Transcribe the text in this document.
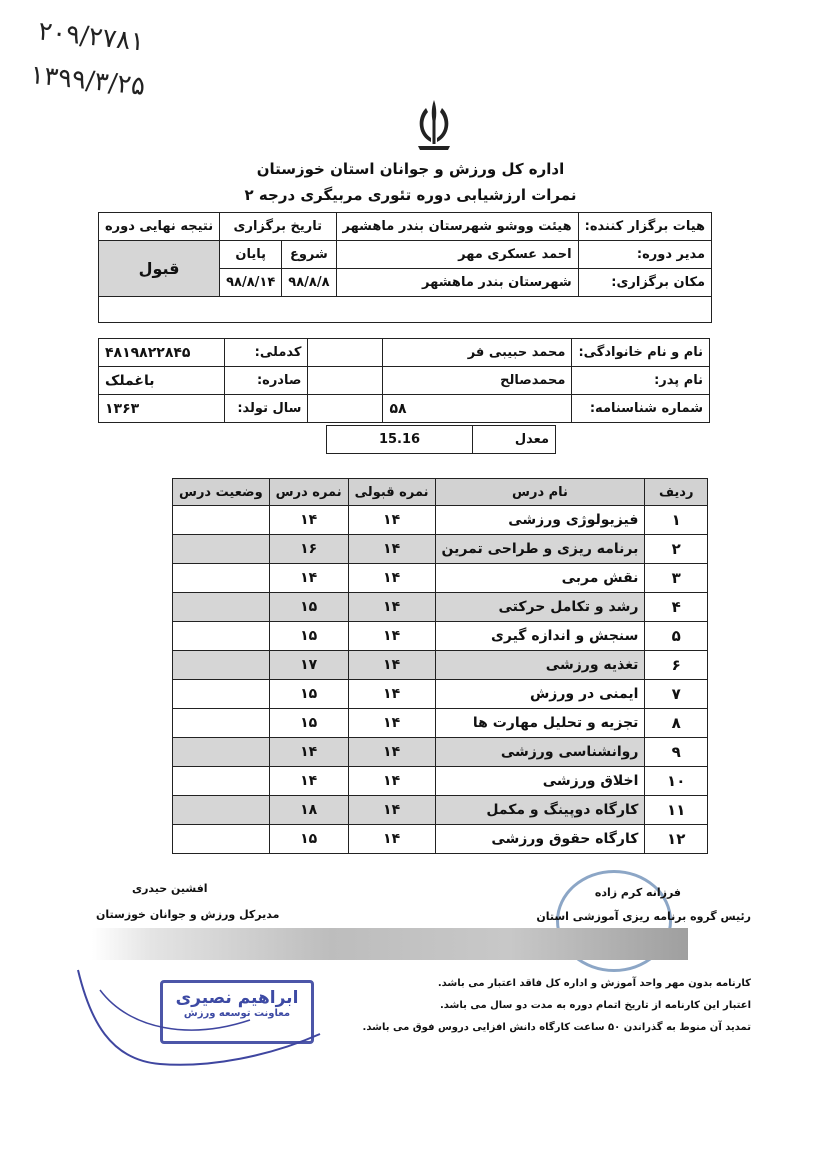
۲۰۹/۲۷۸۱
۱۳۹۹/۳/۲۵
اداره کل ورزش و جوانان استان خوزستان
نمرات ارزشیابی دوره تئوری مربیگری درجه ۲
هیات برگزار کننده:	هیئت ووشو شهرستان بندر ماهشهر	تاریخ برگزاری		نتیجه نهایی دوره
مدیر دوره:	احمد عسکری مهر	شروع	پایان	قبول
مکان برگزاری:	شهرستان بندر ماهشهر	۹۸/۸/۸	۹۸/۸/۱۴	

نام و نام خانوادگی:	محمد حبیبی فر		کدملی:	۴۸۱۹۸۲۲۸۴۵
نام پدر:	محمدصالح		صادره:	باغملک
شماره شناسنامه:	۵۸		سال تولد:	۱۳۶۳
معدل	15.16
ردیف	نام درس	نمره قبولی	نمره درس	وضعیت درس
۱	فیزیولوژی ورزشی	۱۴	۱۴	
۲	برنامه ریزی و طراحی تمرین	۱۴	۱۶	
۳	نقش مربی	۱۴	۱۴	
۴	رشد و تکامل حرکتی	۱۴	۱۵	
۵	سنجش و اندازه گیری	۱۴	۱۵	
۶	تغذیه ورزشی	۱۴	۱۷	
۷	ایمنی در ورزش	۱۴	۱۵	
۸	تجزیه و تحلیل مهارت ها	۱۴	۱۵	
۹	روانشناسی ورزشی	۱۴	۱۴	
۱۰	اخلاق ورزشی	۱۴	۱۴	
۱۱	کارگاه دوپینگ و مکمل	۱۴	۱۸	
۱۲	کارگاه حقوق ورزشی	۱۴	۱۵	
افشین حیدری
مدیرکل ورزش و جوانان خوزستان
فرزانه کرم زاده
رئیس گروه برنامه ریزی آموزشی استان
ابراهیم نصیری
معاونت توسعه ورزش
کارنامه بدون مهر واحد آموزش و اداره کل فاقد اعتبار می باشد.
اعتبار این کارنامه از تاریخ اتمام دوره به مدت دو سال می باشد.
تمدید آن منوط به گذراندن ۵۰ ساعت کارگاه دانش افزایی دروس فوق می باشد.
